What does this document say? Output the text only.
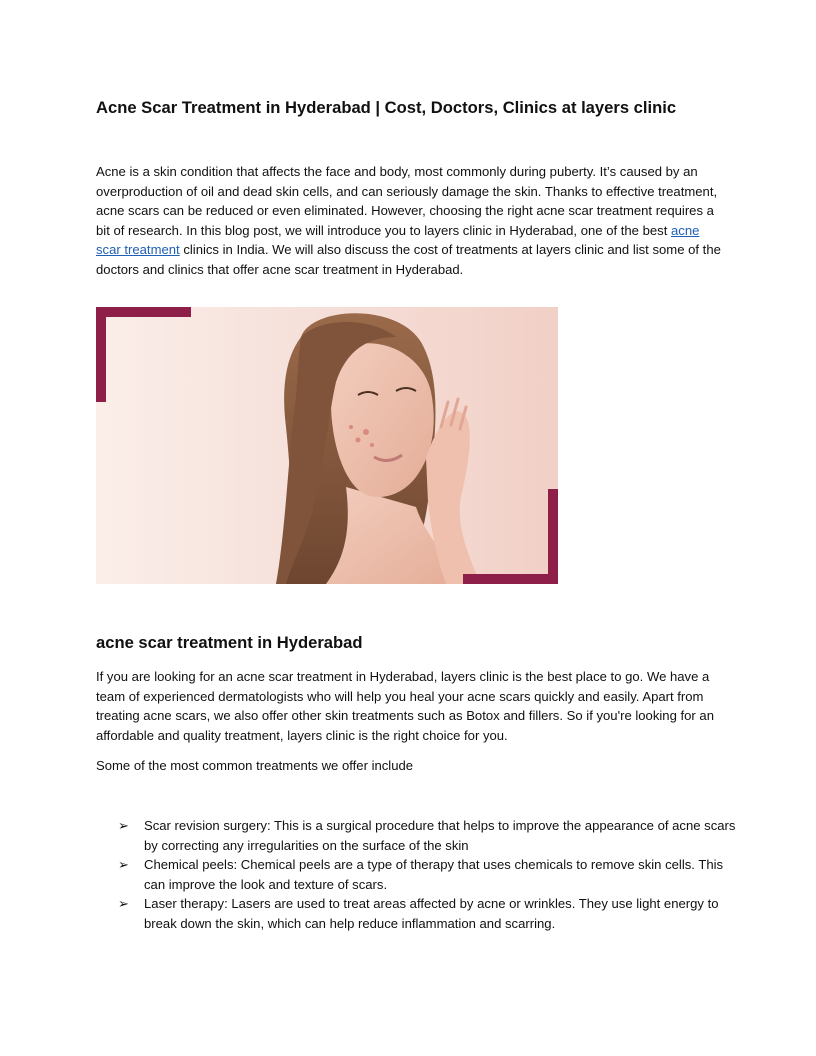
Acne Scar Treatment in Hyderabad | Cost, Doctors, Clinics at layers clinic

Acne is a skin condition that affects the face and body, most commonly during puberty. It’s caused by an overproduction of oil and dead skin cells, and can seriously damage the skin. Thanks to effective treatment, acne scars can be reduced or even eliminated. However, choosing the right acne scar treatment requires a bit of research. In this blog post, we will introduce you to layers clinic in Hyderabad, one of the best acne scar treatment clinics in India. We will also discuss the cost of treatments at layers clinic and list some of the doctors and clinics that offer acne scar treatment in Hyderabad.

acne scar treatment in Hyderabad

If you are looking for an acne scar treatment in Hyderabad, layers clinic is the best place to go. We have a team of experienced dermatologists who will help you heal your acne scars quickly and easily. Apart from treating acne scars, we also offer other skin treatments such as Botox and fillers. So if you're looking for an affordable and quality treatment, layers clinic is the right choice for you.

Some of the most common treatments we offer include

➢ Scar revision surgery: This is a surgical procedure that helps to improve the appearance of acne scars by correcting any irregularities on the surface of the skin
➢ Chemical peels: Chemical peels are a type of therapy that uses chemicals to remove skin cells. This can improve the look and texture of scars.
➢ Laser therapy: Lasers are used to treat areas affected by acne or wrinkles. They use light energy to break down the skin, which can help reduce inflammation and scarring.
